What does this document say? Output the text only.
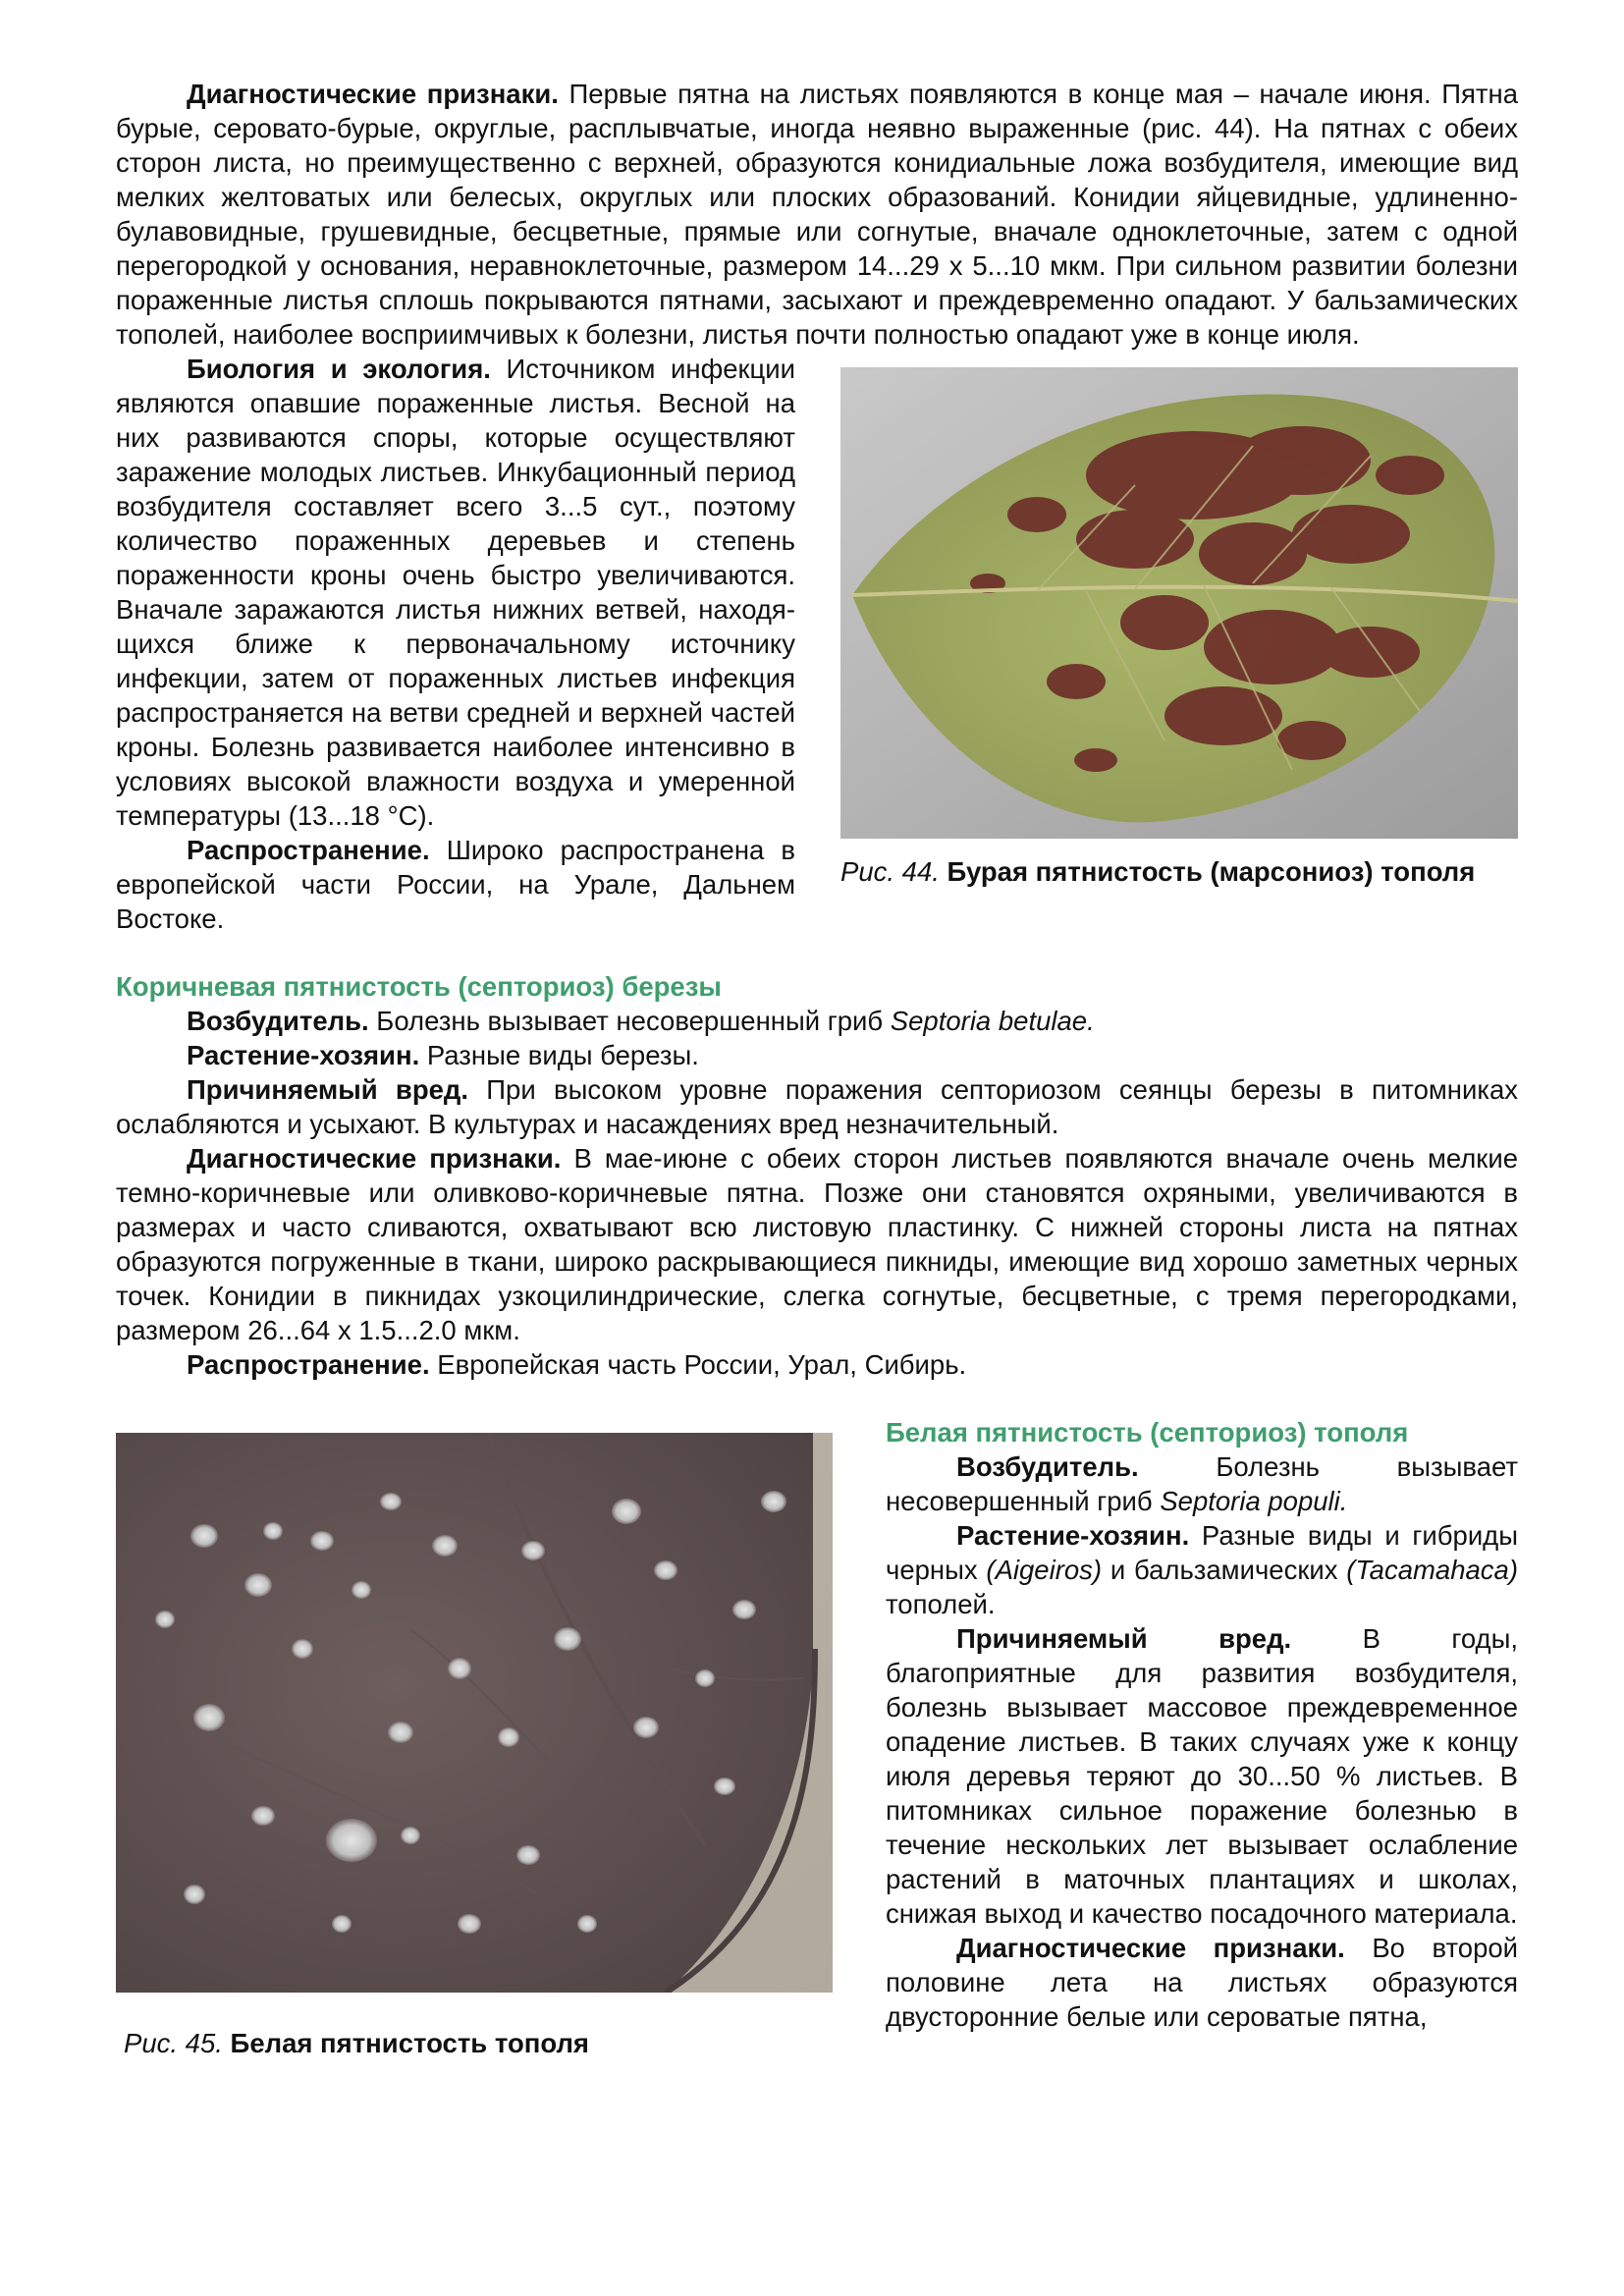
Диагностические признаки. Первые пятна на листьях появляются в конце мая – начале июня. Пятна бурые, серовато-бурые, округлые, расплывчатые, иногда неявно выраженные (рис. 44). На пятнах с обеих сторон листа, но преимущественно с верхней, образуются конидиальные ложа возбудителя, имеющие вид мелких желтоватых или белесых, округлых или плоских образований. Конидии яйцевидные, удлиненно-булавовидные, грушевидные, бесцветные, прямые или согнутые, вначале одноклеточные, затем с одной перегородкой у основания, неравноклеточные, размером 14...29 х 5...10 мкм. При сильном развитии болезни пораженные листья сплошь покрываются пятнами, засыхают и преждевременно опадают. У бальзамических тополей, наиболее восприимчивых к болезни, листья почти полностью опадают уже в конце июля.

Рис. 44. Бурая пятнистость (марсониоз) тополя

Биология и экология. Источником инфекции являются опавшие пораженные листья. Весной на них развиваются споры, которые осуществляют заражение молодых листьев. Инкубационный период возбудителя составляет всего 3...5 сут., поэтому количество пораженных деревьев и степень пораженности кроны очень быстро увеличиваются. Вначале заражаются листья нижних ветвей, находящихся ближе к первоначальному источнику инфекции, затем от пораженных листьев инфекция распространяется на ветви средней и верхней частей кроны. Болезнь развивается наиболее интенсивно в условиях высокой влажности воздуха и умеренной температуры (13...18 °С).

Распространение. Широко распространена в европейской части России, на Урале, Дальнем Востоке.

Коричневая пятнистость (септориоз) березы

Возбудитель. Болезнь вызывает несовершенный гриб Septoria betulae.

Растение-хозяин. Разные виды березы.

Причиняемый вред. При высоком уровне поражения септориозом сеянцы березы в питомниках ослабляются и усыхают. В культурах и насаждениях вред незначительный.

Диагностические признаки. В мае-июне с обеих сторон листьев появляются вначале очень мелкие темно-коричневые или оливково-коричневые пятна. Позже они становятся охряными, увеличиваются в размерах и часто сливаются, охватывают всю листовую пластинку. С нижней стороны листа на пятнах образуются погруженные в ткани, широко раскрывающиеся пикниды, имеющие вид хорошо заметных черных точек. Конидии в пикнидах узкоцилиндрические, слегка согнутые, бесцветные, с тремя перегородками, размером 26...64 х 1.5...2.0 мкм.

Распространение. Европейская часть России, Урал, Сибирь.

Рис. 45. Белая пятнистость тополя

Белая пятнистость (септориоз) тополя

Возбудитель.	Болезнь вызывает несовершенный гриб Septoria populi.

Растение-хозяин. Разные виды и гибриды черных (Aigeiros) и бальзамических (Tacamahaca) тополей.

Причиняемый вред.	В годы, благоприятные для развития возбудителя, болезнь вызывает массовое преждевременное опадение листьев. В таких случаях уже к концу июля деревья теряют до 30...50 % листьев. В питомниках сильное поражение болезнью в течение нескольких лет вызывает ослабление растений в маточных плантациях и школах, снижая выход и качество посадочного материала.

Диагностические признаки. Во второй половине лета на листьях образуются двусторонние белые или сероватые пятна,
